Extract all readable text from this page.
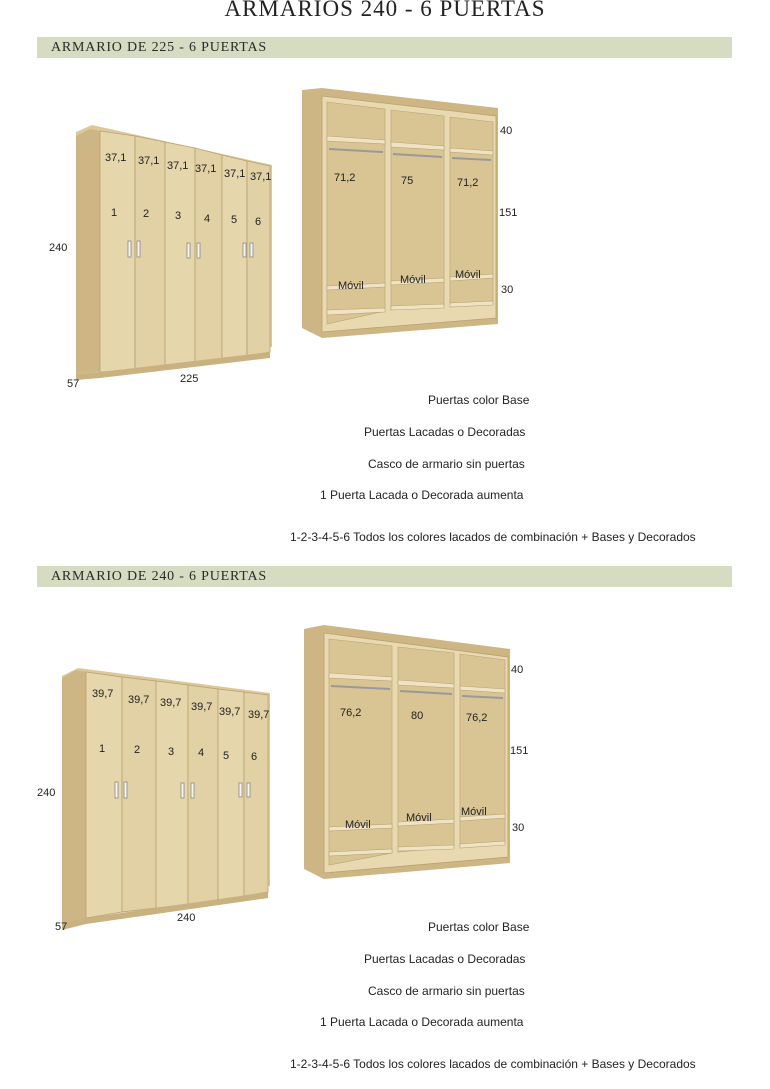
ARMARIOS 240 - 6 PUERTAS
ARMARIO DE 225 - 6 PUERTAS
37,1 37,1 37,1 37,1 37,1 37,1
1 2 3 4 5 6
240
57	225
71,2	75	71,2
Móvil	Móvil	Móvil
40
151
30
Puertas color Base
Puertas Lacadas o Decoradas
Casco de armario sin puertas
1 Puerta Lacada o Decorada aumenta
1-2-3-4-5-6 Todos los colores lacados de combinación + Bases y Decorados
ARMARIO DE 240 - 6 PUERTAS
39,7 39,7 39,7 39,7 39,7 39,7
1	2	3 4 5 6
240
57
240
76,2	80	76,2
Móvil
Móvil	Móvil
40
151
30
Puertas color Base
Puertas Lacadas o Decoradas
Casco de armario sin puertas
1 Puerta Lacada o Decorada aumenta
1-2-3-4-5-6 Todos los colores lacados de combinación + Bases y Decorados
